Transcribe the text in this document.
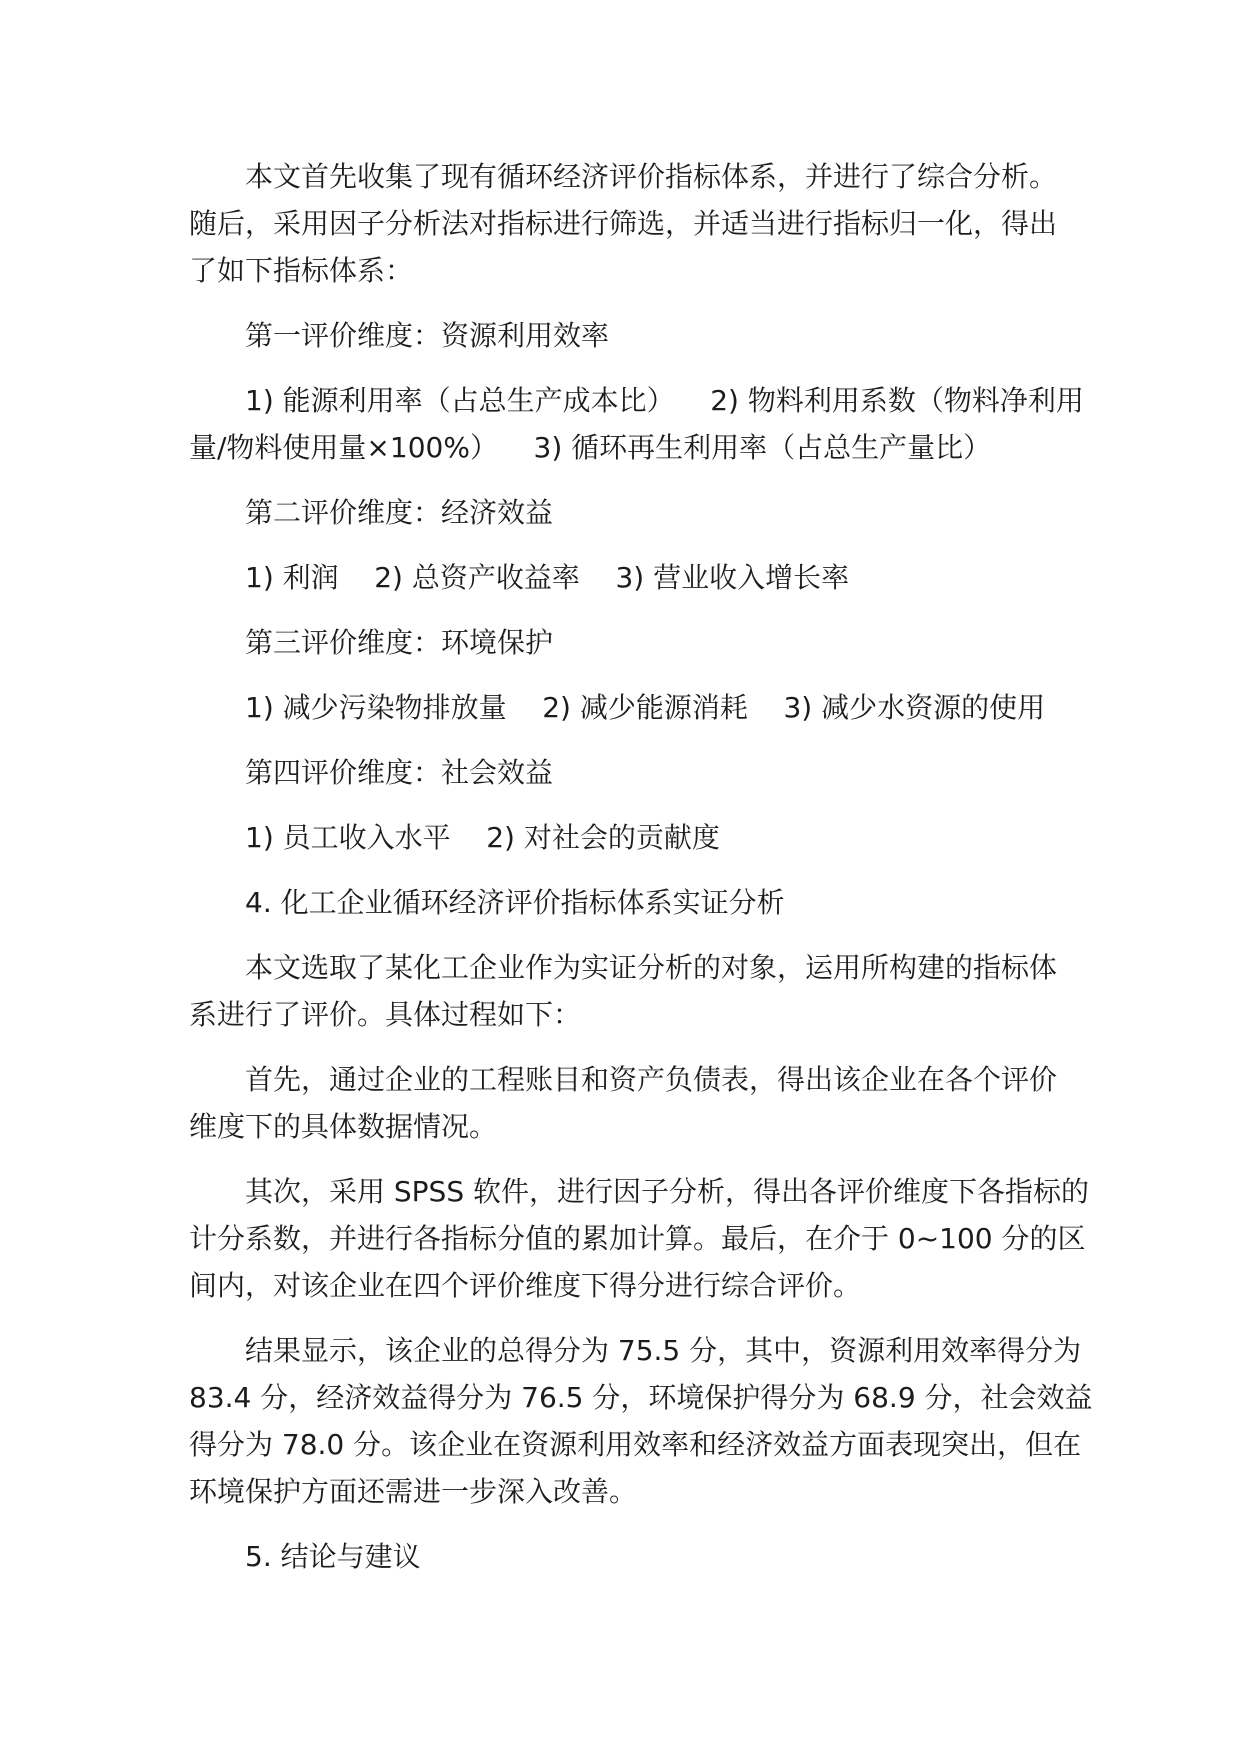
本文首先收集了现有循环经济评价指标体系，并进行了综合分析。
随后，采用因子分析法对指标进行筛选，并适当进行指标归一化，得出
了如下指标体系：
第一评价维度：资源利用效率
1) 能源利用率（占总生产成本比）    2) 物料利用系数（物料净利用
量/物料使用量×100%）    3) 循环再生利用率（占总生产量比）
第二评价维度：经济效益
1) 利润    2) 总资产收益率    3) 营业收入增长率
第三评价维度：环境保护
1) 减少污染物排放量    2) 减少能源消耗    3) 减少水资源的使用
第四评价维度：社会效益
1) 员工收入水平    2) 对社会的贡献度
4. 化工企业循环经济评价指标体系实证分析
本文选取了某化工企业作为实证分析的对象，运用所构建的指标体
系进行了评价。具体过程如下：
首先，通过企业的工程账目和资产负债表，得出该企业在各个评价
维度下的具体数据情况。
其次，采用 SPSS 软件，进行因子分析，得出各评价维度下各指标的
计分系数，并进行各指标分值的累加计算。最后，在介于 0~100 分的区
间内，对该企业在四个评价维度下得分进行综合评价。
结果显示，该企业的总得分为 75.5 分，其中，资源利用效率得分为
83.4 分，经济效益得分为 76.5 分，环境保护得分为 68.9 分，社会效益
得分为 78.0 分。该企业在资源利用效率和经济效益方面表现突出，但在
环境保护方面还需进一步深入改善。
5. 结论与建议
